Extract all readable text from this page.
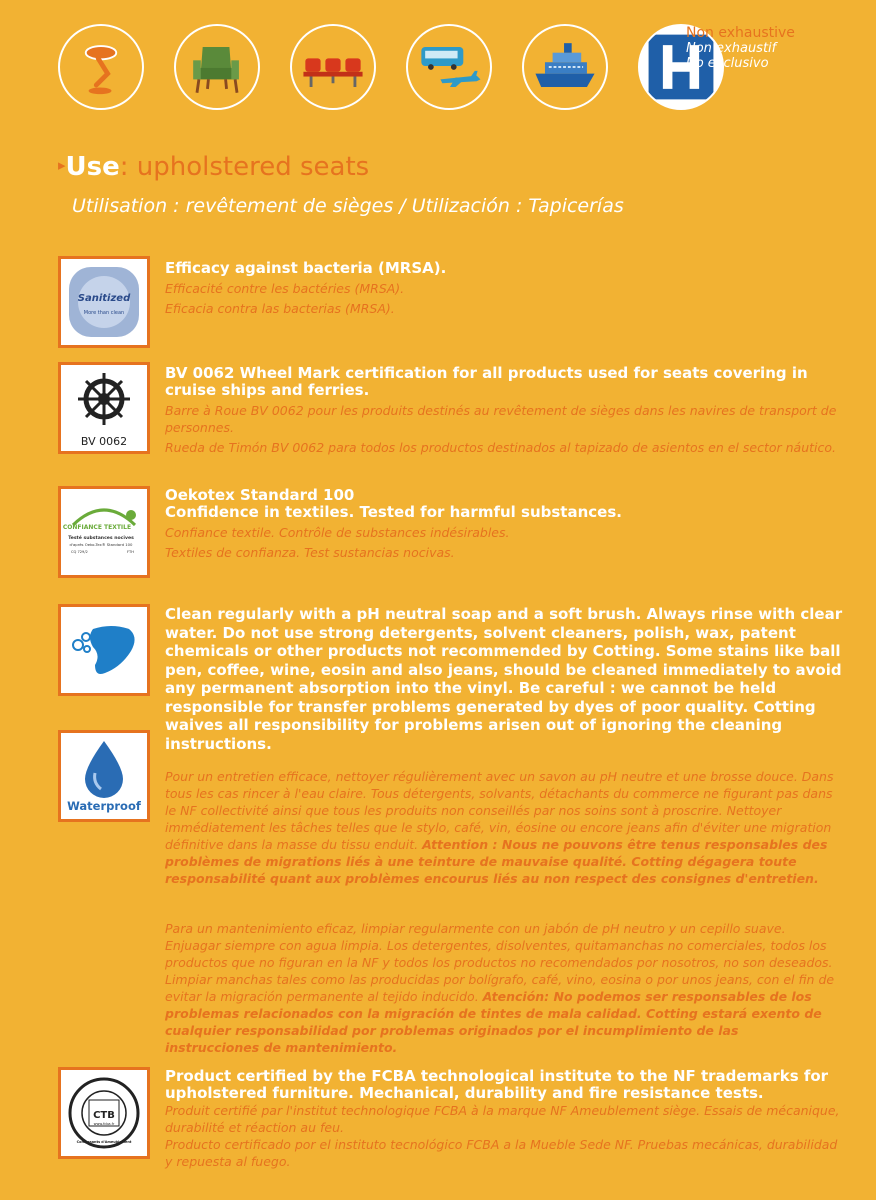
Non exhaustive
Non exhaustif
No exclusivo
▸Use: upholstered seats
Utilisation : revêtement de sièges / Utilización : Tapicerías
Sanitized
More than clean
Efficacy against bacteria (MRSA).
Efficacité contre les bactéries (MRSA).
Eficacia contra las bacterias (MRSA).
BV 0062
BV 0062 Wheel Mark certification for all products used for seats covering in cruise ships and ferries.
Barre à Roue BV 0062 pour les produits destinés au revêtement de sièges dans les navires de transport de personnes.
Rueda de Timón BV 0062 para todos los productos destinados al tapizado de asientos en el sector náutico.
CONFIANCE TEXTILE
Testé substances nocives
d'après Oeko-Tex® Standard 100
CQ 729/2	FTH
Oekotex Standard 100
Confidence in textiles. Tested for harmful substances.
Confiance textile. Contrôle de substances indésirables.
Textiles de confianza. Test sustancias nocivas.
Waterproof
Clean regularly with a pH neutral soap and a soft brush. Always rinse with clear water. Do not use strong detergents, solvent cleaners, polish, wax, patent chemicals or other products not recommended by Cotting. Some stains like ball pen, coffee, wine, eosin and also jeans, should be cleaned immediately to avoid any permanent absorption into the vinyl. Be careful : we cannot be held responsible for transfer problems generated by dyes of poor quality. Cotting waives all responsibility for problems arisen out of ignoring the cleaning instructions.
Pour un entretien efficace, nettoyer régulièrement avec un savon au pH neutre et une brosse douce. Dans tous les cas rincer à l'eau claire. Tous détergents, solvants, détachants du commerce ne figurant pas dans le NF collectivité ainsi que tous les produits non conseillés par nos soins sont à proscrire. Nettoyer immédiatement les tâches telles que le stylo, café, vin, éosine ou encore jeans afin d'éviter une migration définitive dans la masse du tissu enduit. Attention : Nous ne pouvons être tenus responsables des problèmes de migrations liés à une teinture de mauvaise qualité. Cotting dégagera toute responsabilité quant aux problèmes encourus liés au non respect des consignes d'entretien.
Para un mantenimiento eficaz, limpiar regularmente con un jabón de pH neutro y un cepillo suave. Enjuagar siempre con agua limpia. Los detergentes, disolventes, quitamanchas no comerciales, todos los productos que no figuran en la NF y todos los productos no recomendados por nosotros, no son deseados. Limpiar manchas tales como las producidas por bolígrafo, café, vino, eosina o por unos jeans, con el fin de evitar la migración permanente al tejido inducido. Atención: No podemos ser responsables de los problemas relacionados con la migración de tintes de mala calidad. Cotting estará exento de cualquier responsabilidad por problemas originados por el incumplimiento de las instrucciones de mantenimiento.
CTB
www.fcba.fr
Composants d'Ameublement
Product certified by the FCBA technological institute to the NF trademarks for upholstered furniture. Mechanical, durability and fire resistance tests.
Produit certifié par l'institut technologique FCBA à la marque NF Ameublement siège. Essais de mécanique, durabilité et réaction au feu.
Producto certificado por el instituto tecnológico FCBA a la Mueble Sede NF. Pruebas mecánicas, durabilidad y repuesta al fuego.
